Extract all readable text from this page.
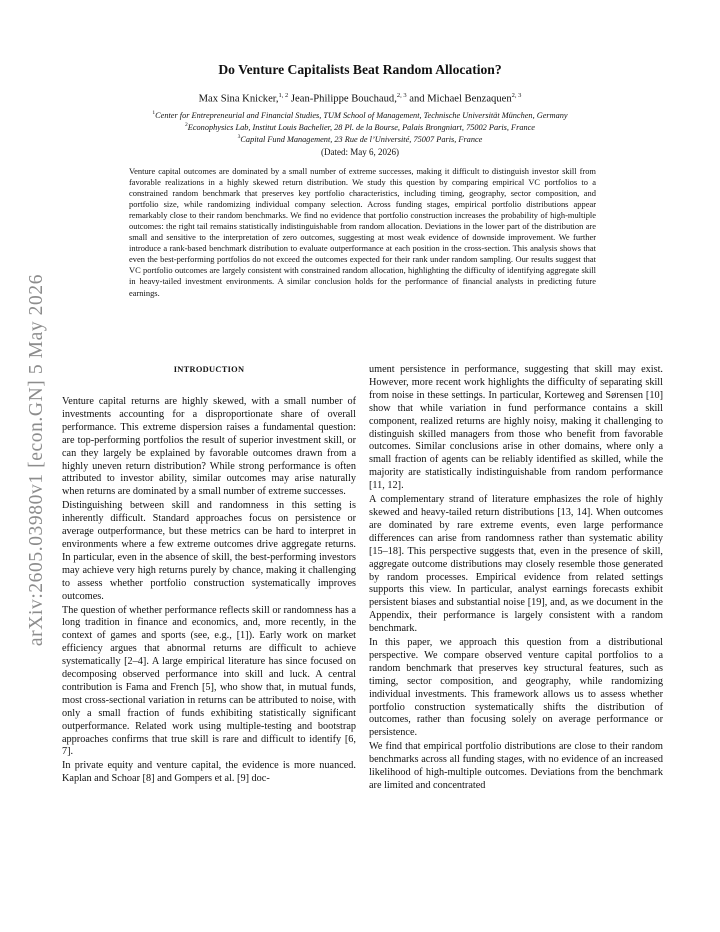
arXiv:2605.03980v1 [econ.GN] 5 May 2026
Do Venture Capitalists Beat Random Allocation?
Max Sina Knicker,$^{1, 2}$ Jean-Philippe Bouchaud,$^{2, 3}$ and Michael Benzaquen$^{2, 3}$
$^1$Center for Entrepreneurial and Financial Studies, TUM School of Management, Technische Universität München, Germany
$^2$Econophysics Lab, Institut Louis Bachelier, 28 Pl. de la Bourse, Palais Brongniart, 75002 Paris, France
$^3$Capital Fund Management, 23 Rue de l’Université, 75007 Paris, France
(Dated: May 6, 2026)
Venture capital outcomes are dominated by a small number of extreme successes, making it difficult to distinguish investor skill from favorable realizations in a highly skewed return distribution. We study this question by comparing empirical VC portfolios to a constrained random benchmark that preserves key portfolio characteristics, including timing, geography, sector composition, and portfolio size, while randomizing individual company selection. Across funding stages, empirical portfolio distributions appear remarkably close to their random benchmarks. We find no evidence that portfolio construction increases the probability of high-multiple outcomes: the right tail remains statistically indistinguishable from random allocation. Deviations in the lower part of the distribution are small and sensitive to the interpretation of zero outcomes, suggesting at most weak evidence of downside improvement. We further introduce a rank-based benchmark distribution to evaluate outperformance at each position in the cross-section. This analysis shows that even the best-performing portfolios do not exceed the outcomes expected for their rank under random sampling. Our results suggest that VC portfolio outcomes are largely consistent with constrained random allocation, highlighting the difficulty of identifying aggregate skill in heavy-tailed investment environments. A similar conclusion holds for the performance of financial analysts in predicting future earnings.
INTRODUCTION

Venture capital returns are highly skewed, with a small number of investments accounting for a disproportionate share of overall performance. This extreme dispersion raises a fundamental question: are top-performing portfolios the result of superior investment skill, or can they largely be explained by favorable outcomes drawn from a highly uneven return distribution? While strong performance is often attributed to investor ability, similar outcomes may arise naturally when returns are dominated by a small number of extreme successes.

Distinguishing between skill and randomness in this setting is inherently difficult. Standard approaches focus on persistence or average outperformance, but these metrics can be hard to interpret in environments where a few extreme outcomes drive aggregate returns. In particular, even in the absence of skill, the best-performing investors may achieve very high returns purely by chance, making it challenging to assess whether portfolio construction systematically improves outcomes.

The question of whether performance reflects skill or randomness has a long tradition in finance and economics, and, more recently, in the context of games and sports (see, e.g., [1]). Early work on market efficiency argues that abnormal returns are difficult to achieve systematically [2–4]. A large empirical literature has since focused on decomposing observed performance into skill and luck. A central contribution is Fama and French [5], who show that, in mutual funds, most cross-sectional variation in returns can be attributed to noise, with only a small fraction of funds exhibiting statistically significant outperformance. Related work using multiple-testing and bootstrap approaches confirms that true skill is rare and difficult to identify [6, 7].

In private equity and venture capital, the evidence is more nuanced. Kaplan and Schoar [8] and Gompers et al. [9] doc-

ument persistence in performance, suggesting that skill may exist. However, more recent work highlights the difficulty of separating skill from noise in these settings. In particular, Korteweg and Sørensen [10] show that while variation in fund performance contains a skill component, realized returns are highly noisy, making it challenging to distinguish skilled managers from those who benefit from favorable outcomes. Similar conclusions arise in other domains, where only a small fraction of agents can be reliably identified as skilled, while the majority are statistically indistinguishable from random performance [11, 12].

A complementary strand of literature emphasizes the role of highly skewed and heavy-tailed return distributions [13, 14]. When outcomes are dominated by rare extreme events, even large performance differences can arise from randomness rather than systematic ability [15–18]. This perspective suggests that, even in the presence of skill, aggregate outcome distributions may closely resemble those generated by random processes. Empirical evidence from related settings supports this view. In particular, analyst earnings forecasts exhibit persistent biases and substantial noise [19], and, as we document in the Appendix, their performance is largely consistent with a random benchmark.

In this paper, we approach this question from a distributional perspective. We compare observed venture capital portfolios to a random benchmark that preserves key structural features, such as timing, sector composition, and geography, while randomizing individual investments. This framework allows us to assess whether portfolio construction systematically shifts the distribution of outcomes, rather than focusing solely on average performance or persistence.

We find that empirical portfolio distributions are close to their random benchmarks across all funding stages, with no evidence of an increased likelihood of high-multiple outcomes. Deviations from the benchmark are limited and concentrated
